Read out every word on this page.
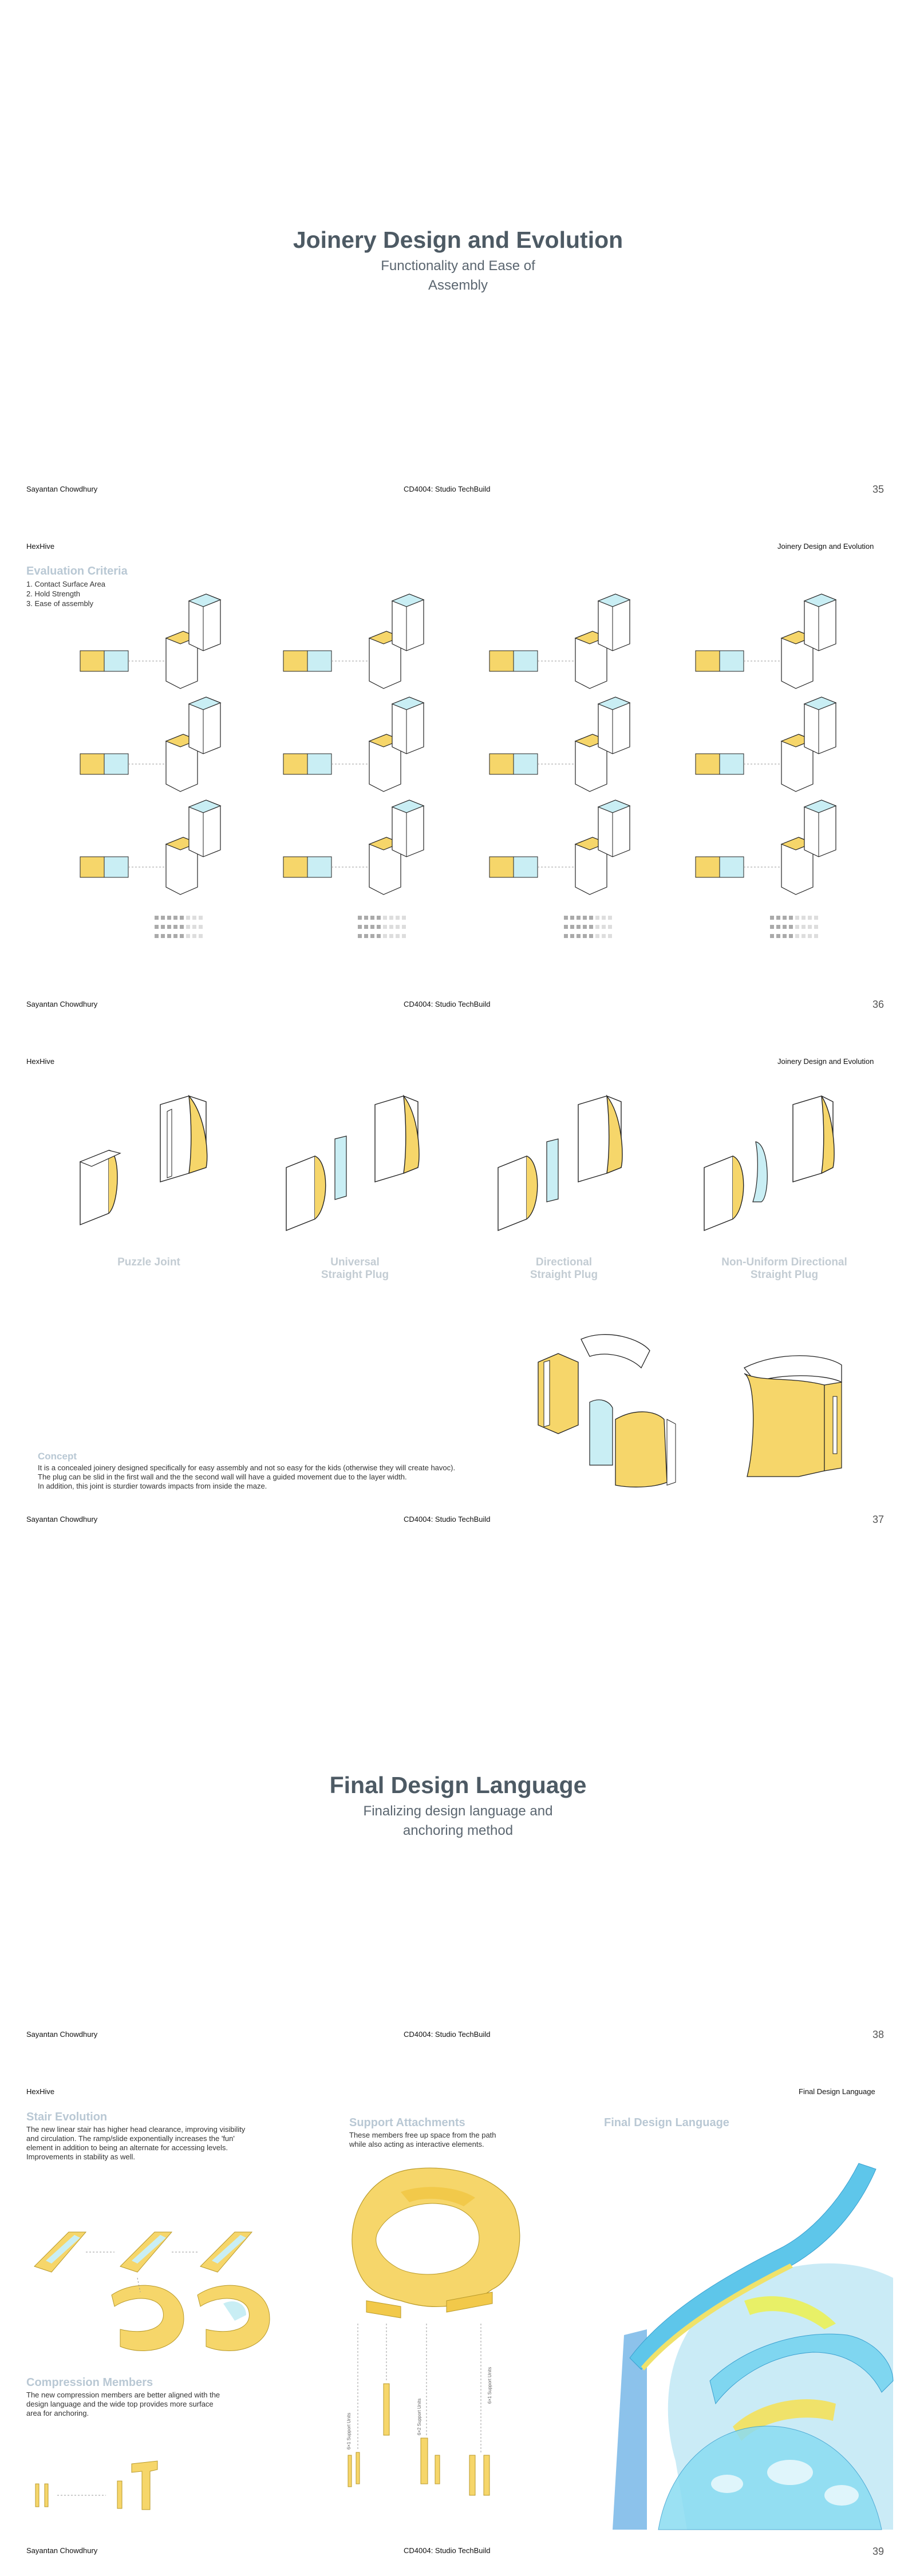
Joinery Design and Evolution
Functionality and Ease of
Assembly
Sayantan Chowdhury	CD4004: Studio TechBuild	35
HexHive	Joinery Design and Evolution
Evaluation Criteria
1. Contact Surface Area
2. Hold Strength
3. Ease of assembly
Sayantan Chowdhury	CD4004: Studio TechBuild	36
HexHive	Joinery Design and Evolution
Puzzle Joint	Universal
Straight Plug
Directional
Straight Plug
Non-Uniform Directional
Straight Plug
Concept
It is a concealed joinery designed specifically for easy assembly and not so easy for the kids (otherwise they will create havoc).
The plug can be slid in the first wall and the the second wall will have a guided movement due to the layer width.
In addition, this joint is sturdier towards impacts from inside the maze.
Sayantan Chowdhury	CD4004: Studio TechBuild	37
Final Design Language
Finalizing design language and
anchoring method
Sayantan Chowdhury	CD4004: Studio TechBuild	38
HexHive	Final Design Language
Stair Evolution
The new linear stair has higher head clearance, improving visibility
and circulation. The ramp/slide exponentially increases the 'fun'
element in addition to being an alternate for accessing levels.
Improvements in stability as well.
Support Attachments
These members free up space from the path
while also acting as interactive elements.
Final Design Language
Compression Members
The new compression members are better aligned with the
design language and the wide top provides more surface
area for anchoring.	6×1 Support Units	6×2 Support Units
6×1 Support Units
Sayantan Chowdhury	CD4004: Studio TechBuild	39
